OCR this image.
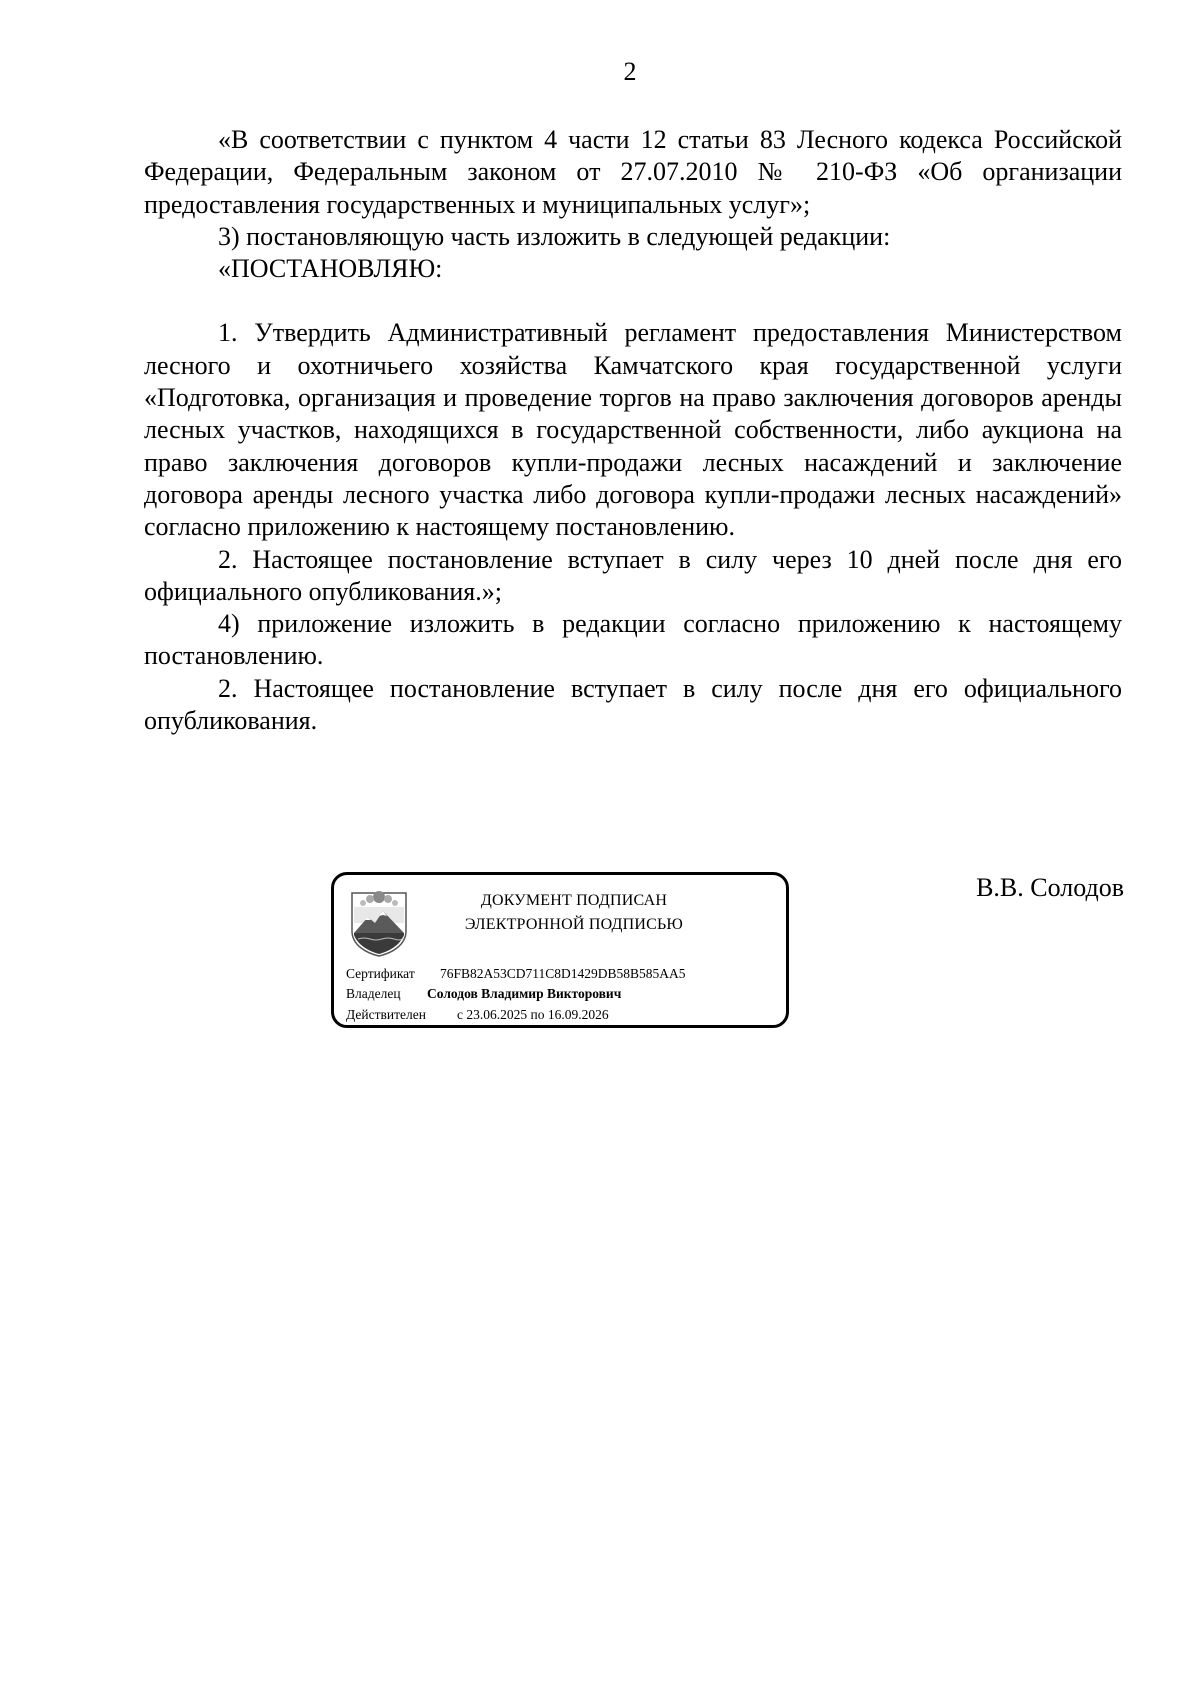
2

«В соответствии с пунктом 4 части 12 статьи 83 Лесного кодекса Российской Федерации, Федеральным законом от 27.07.2010 № 210-ФЗ «Об организации предоставления государственных и муниципальных услуг»;

3) постановляющую часть изложить в следующей редакции:

«ПОСТАНОВЛЯЮ:

1. Утвердить Административный регламент предоставления Министерством лесного и охотничьего хозяйства Камчатского края государственной услуги «Подготовка, организация и проведение торгов на право заключения договоров аренды лесных участков, находящихся в государственной собственности, либо аукциона на право заключения договоров купли-продажи лесных насаждений и заключение договора аренды лесного участка либо договора купли-продажи лесных насаждений» согласно приложению к настоящему постановлению.

2. Настоящее постановление вступает в силу через 10 дней после дня его официального опубликования.»;

4) приложение изложить в редакции согласно приложению к настоящему постановлению.

2. Настоящее постановление вступает в силу после дня его официального опубликования.

ДОКУМЕНТ ПОДПИСАН
ЭЛЕКТРОННОЙ ПОДПИСЬЮ
Сертификат 76FB82A53CD711C8D1429DB58B585AA5
Владелец Солодов Владимир Викторович
Действителен с 23.06.2025 по 16.09.2026
В.В. Солодов
